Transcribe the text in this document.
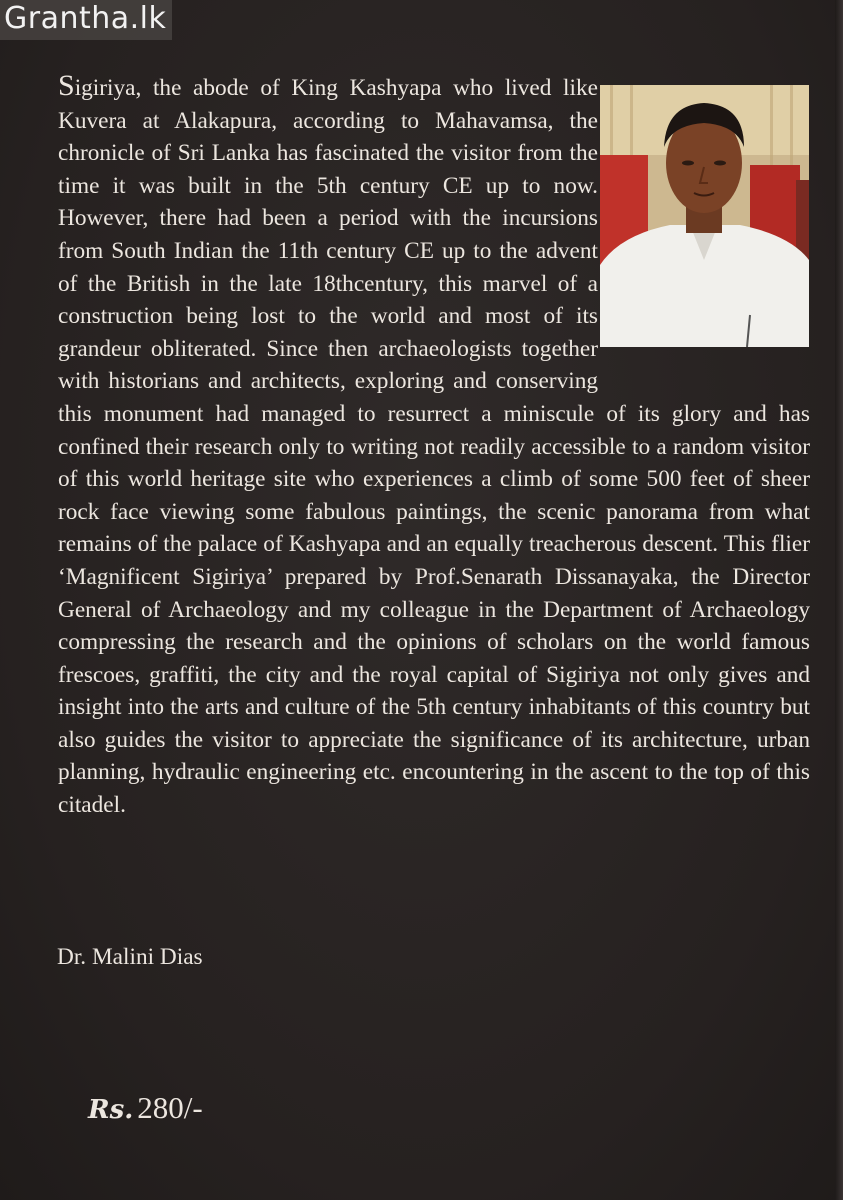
Grantha.lk
Sigiriya, the abode of King Kashyapa who lived like Kuvera at Alakapura, according to Mahavamsa, the chronicle of Sri Lanka has fascinated the visitor from the time it was built in the 5th century CE up to now. However, there had been a period with the incursions from South Indian the 11th century CE up to the advent of the British in the late 18thcentury, this marvel of a construction being lost to the world and most of its grandeur obliterated. Since then archaeologists together with historians and architects, exploring and conserving this monument had managed to resurrect a miniscule of its glory and has confined their research only to writing not readily accessible to a random visitor of this world heritage site who experiences a climb of some 500 feet of sheer rock face viewing some fabulous paintings, the scenic panorama from what remains of the palace of Kashyapa and an equally treacherous descent. This flier ‘Magnificent Sigiriya’ prepared by Prof.Senarath Dissanayaka, the Director General of Archaeology and my colleague in the Department of Archaeology compressing the research and the opinions of scholars on the world famous frescoes, graffiti, the city and the royal capital of Sigiriya not only gives and insight into the arts and culture of the 5th century inhabitants of this country but also guides the visitor to appreciate the significance of its architecture, urban planning, hydraulic engineering etc. encountering in the ascent to the top of this citadel.
Dr. Malini Dias
Rs. 280/-
